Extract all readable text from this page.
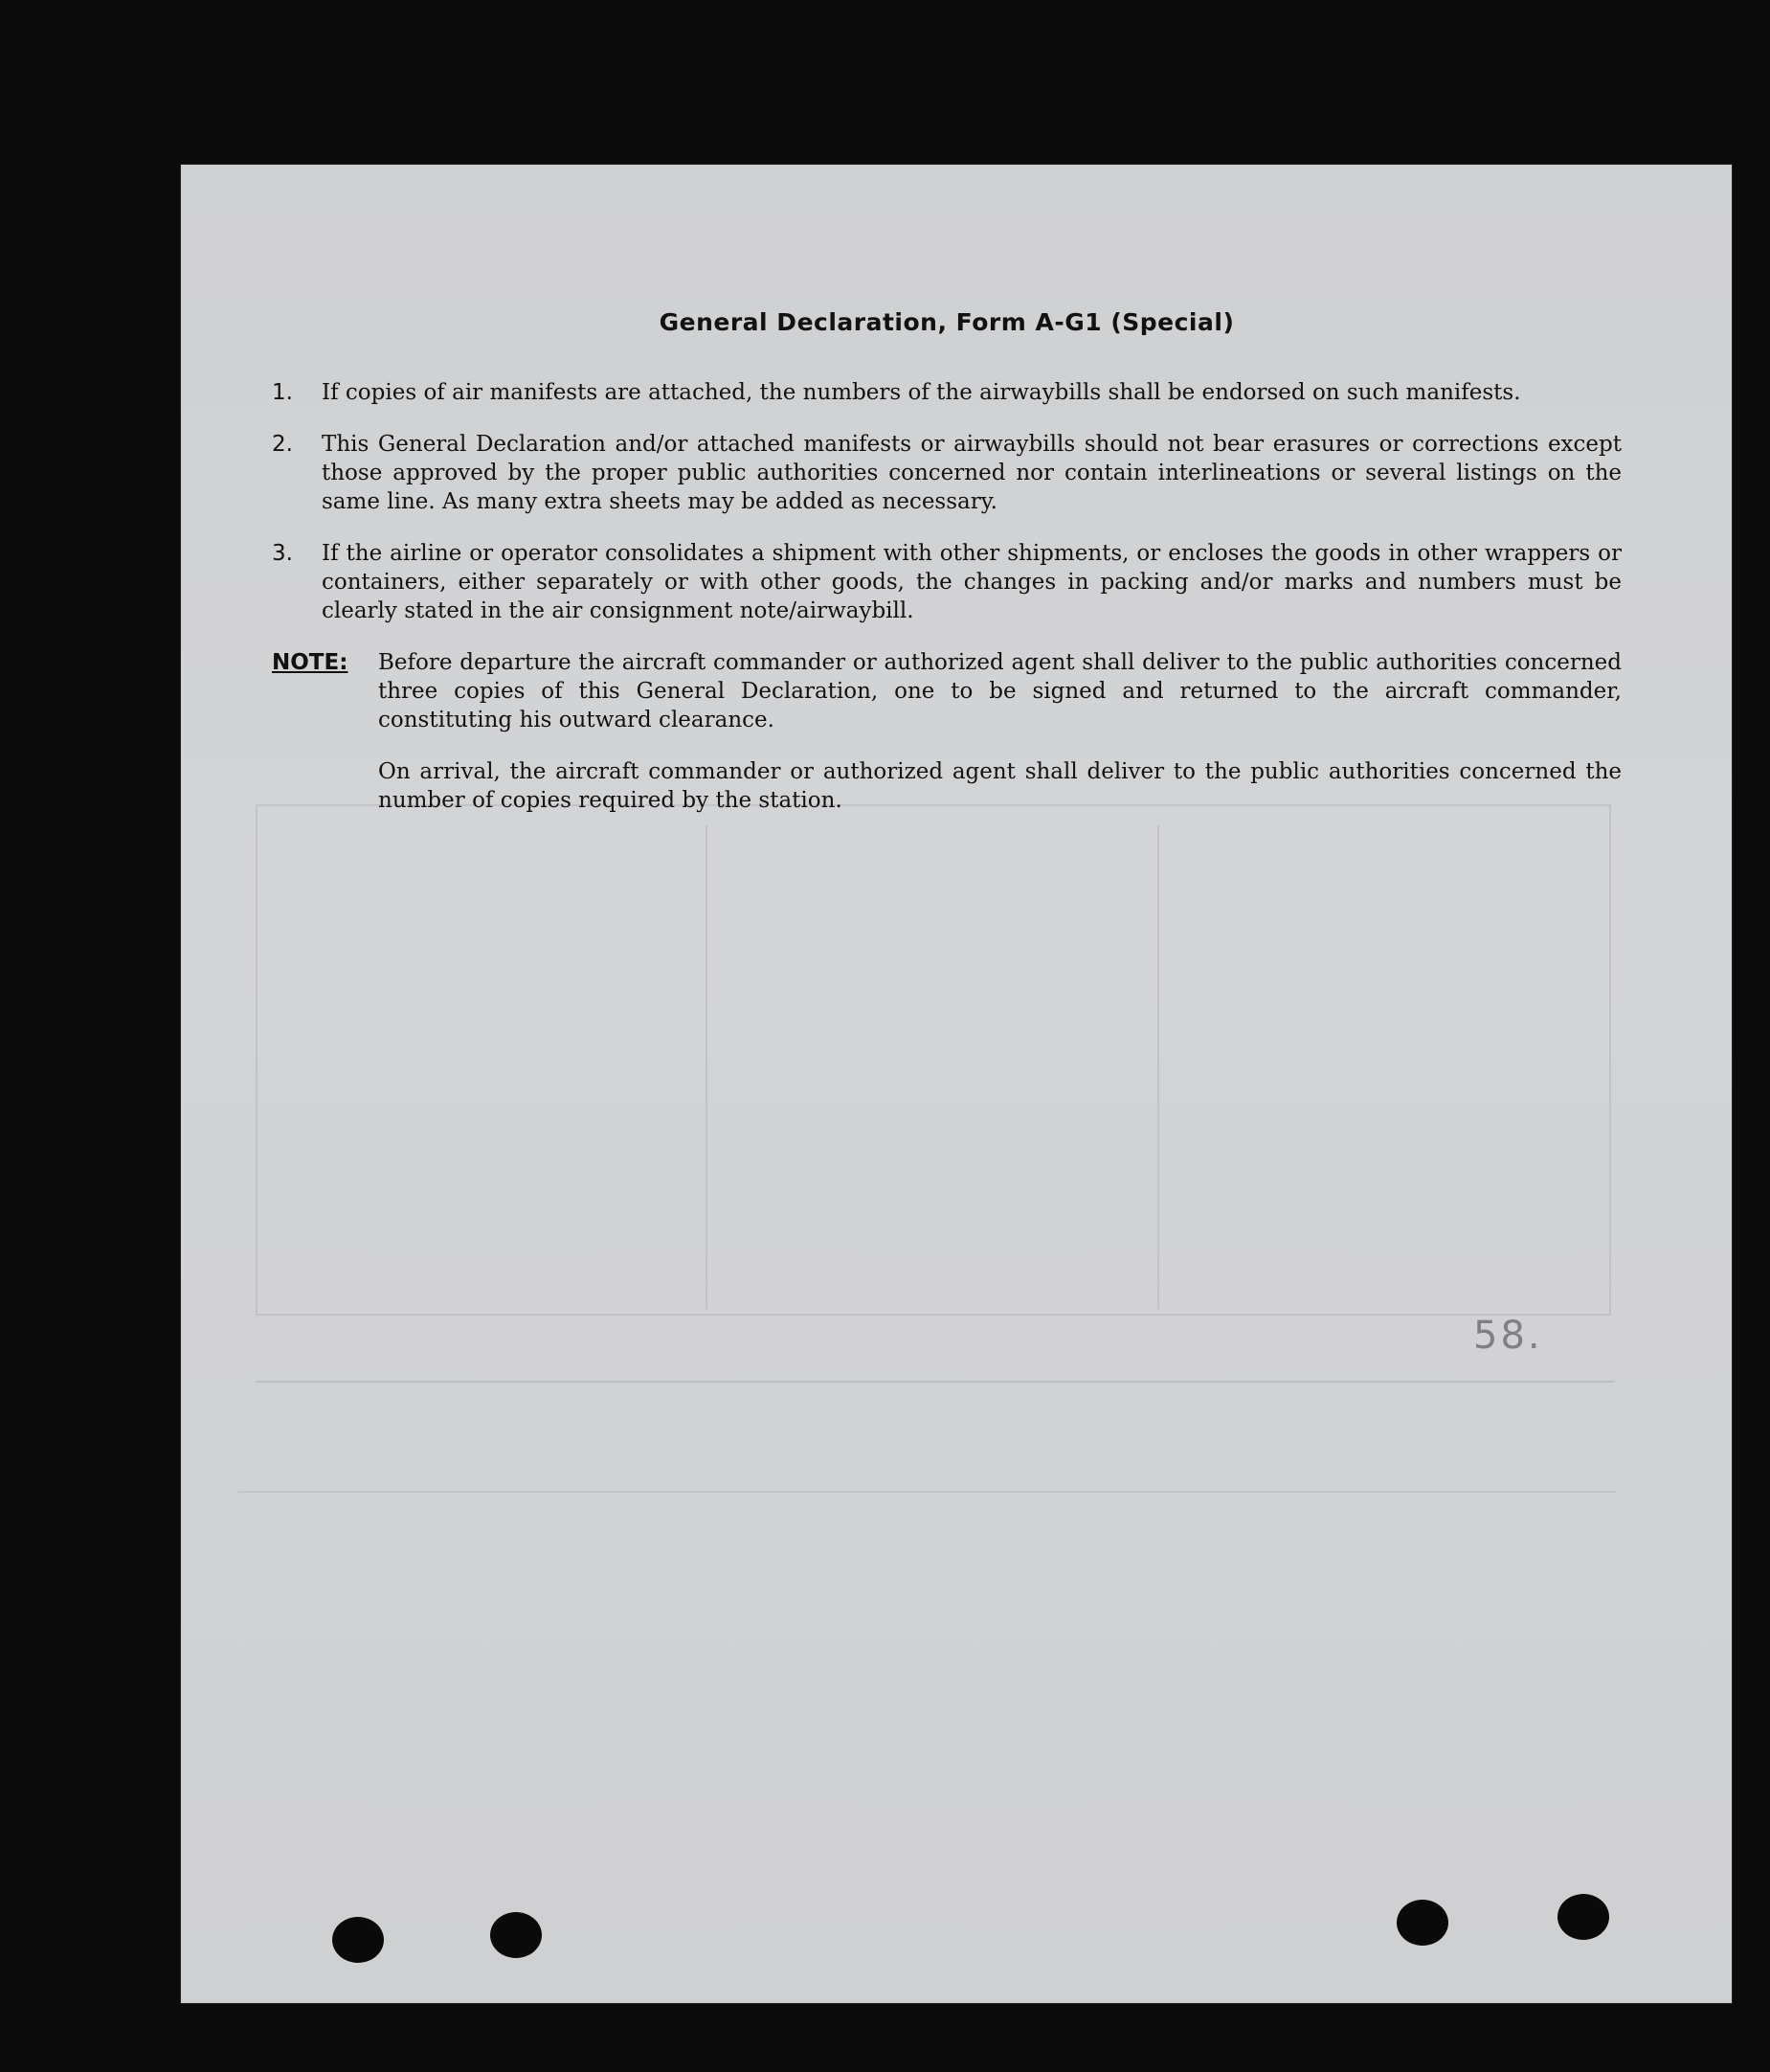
General Declaration, Form A-G1 (Special)
1.	If copies of air manifests are attached, the numbers of the airwaybills shall be endorsed on such manifests.
2.	This General Declaration and/or attached manifests or airwaybills should not bear erasures or corrections except those approved by the proper public authorities concerned nor contain interlineations or several listings on the same line. As many extra sheets may be added as necessary.
3.	If the airline or operator consolidates a shipment with other shipments, or encloses the goods in other wrappers or containers, either separately or with other goods, the changes in packing and/or marks and numbers must be clearly stated in the air consignment note/airwaybill.
NOTE:	Before departure the aircraft commander or authorized agent shall deliver to the public authorities concerned three copies of this General Declaration, one to be signed and returned to the aircraft commander, constituting his outward clearance.

On arrival, the aircraft commander or authorized agent shall deliver to the public authorities concerned the number of copies required by the station.

58.
